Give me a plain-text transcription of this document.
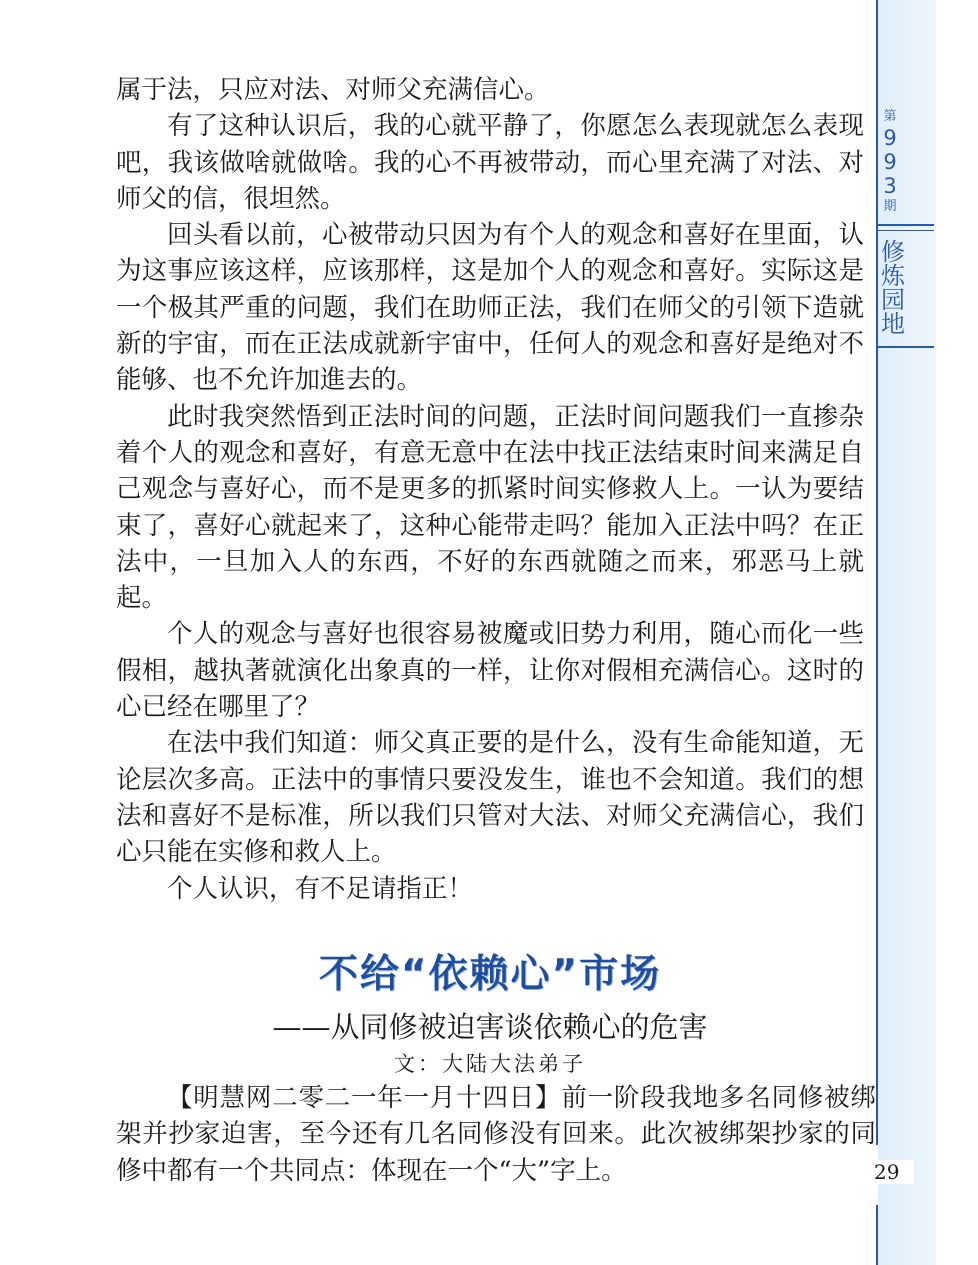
第
9
9
3
期
修
炼
园
地

属于法，只应对法、对师父充满信心。

有了这种认识后，我的心就平静了，你愿怎么表现就怎么表现吧，我该做啥就做啥。我的心不再被带动，而心里充满了对法、对师父的信，很坦然。

回头看以前，心被带动只因为有个人的观念和喜好在里面，认为这事应该这样，应该那样，这是加个人的观念和喜好。实际这是一个极其严重的问题，我们在助师正法，我们在师父的引领下造就新的宇宙，而在正法成就新宇宙中，任何人的观念和喜好是绝对不能够、也不允许加進去的。

此时我突然悟到正法时间的问题，正法时间问题我们一直掺杂着个人的观念和喜好，有意无意中在法中找正法结束时间来满足自己观念与喜好心，而不是更多的抓紧时间实修救人上。一认为要结束了，喜好心就起来了，这种心能带走吗？能加入正法中吗？在正法中，一旦加入人的东西，不好的东西就随之而来，邪恶马上就起。

个人的观念与喜好也很容易被魔或旧势力利用，随心而化一些假相，越执著就演化出象真的一样，让你对假相充满信心。这时的心已经在哪里了？

在法中我们知道：师父真正要的是什么，没有生命能知道，无论层次多高。正法中的事情只要没发生，谁也不会知道。我们的想法和喜好不是标准，所以我们只管对大法、对师父充满信心，我们心只能在实修和救人上。

个人认识，有不足请指正！

不给“依赖心”市场
——从同修被迫害谈依赖心的危害
文：大陆大法弟子

【明慧网二零二一年一月十四日】前一阶段我地多名同修被绑架并抄家迫害，至今还有几名同修没有回来。此次被绑架抄家的同修中都有一个共同点：体现在一个“大”字上。	29
